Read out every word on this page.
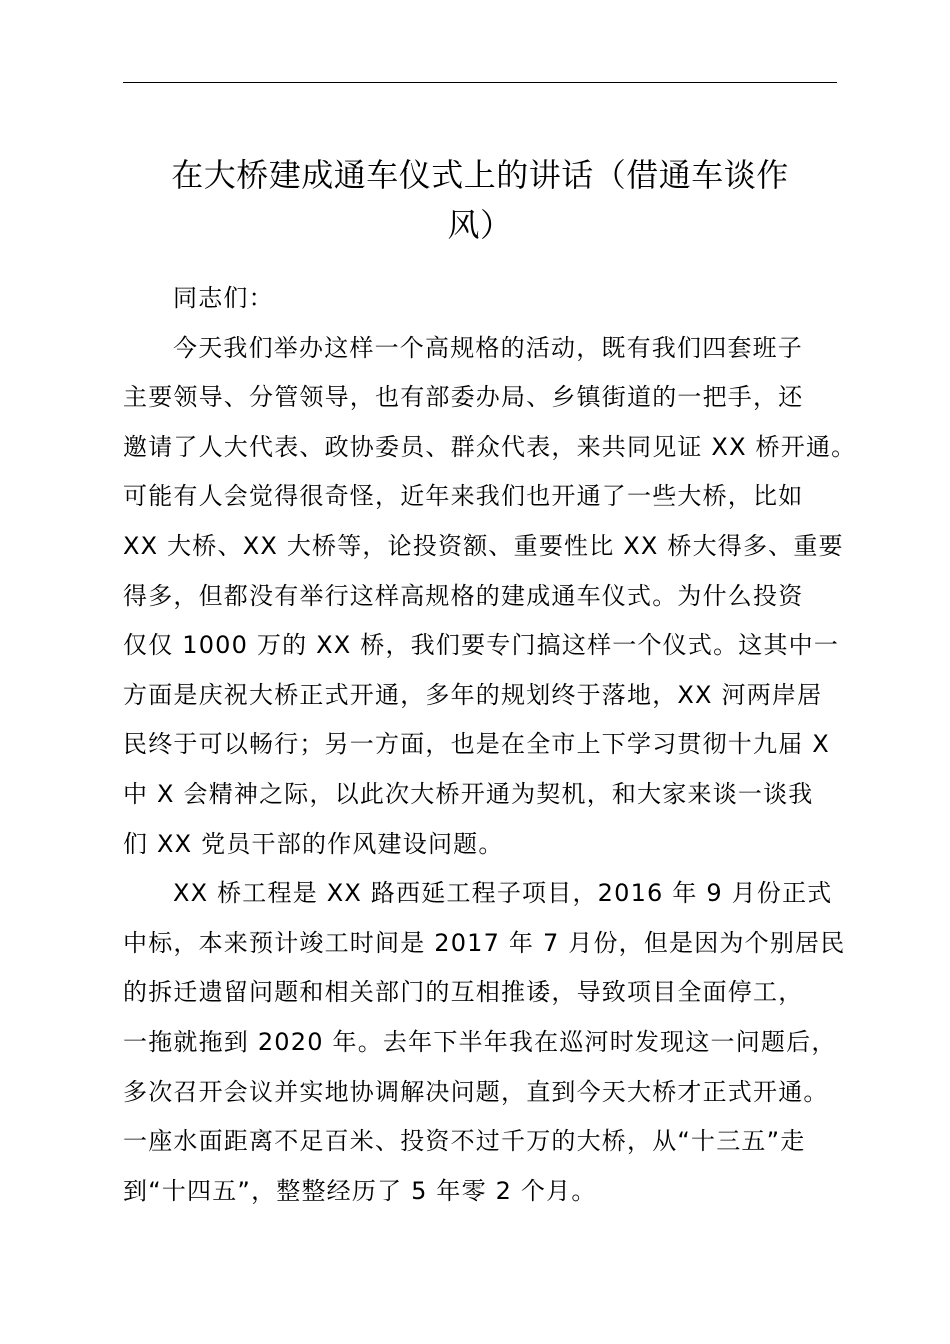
在大桥建成通车仪式上的讲话（借通车谈作
风）

同志们：

今天我们举办这样一个高规格的活动，既有我们四套班子
主要领导、分管领导，也有部委办局、乡镇街道的一把手，还
邀请了人大代表、政协委员、群众代表，来共同见证 XX 桥开通。
可能有人会觉得很奇怪，近年来我们也开通了一些大桥，比如
XX 大桥、XX 大桥等，论投资额、重要性比 XX 桥大得多、重要
得多，但都没有举行这样高规格的建成通车仪式。为什么投资
仅仅 1000 万的 XX 桥，我们要专门搞这样一个仪式。这其中一
方面是庆祝大桥正式开通，多年的规划终于落地，XX 河两岸居
民终于可以畅行；另一方面，也是在全市上下学习贯彻十九届 X
中 X 会精神之际，以此次大桥开通为契机，和大家来谈一谈我
们 XX 党员干部的作风建设问题。

XX 桥工程是 XX 路西延工程子项目，2016 年 9 月份正式
中标，本来预计竣工时间是 2017 年 7 月份，但是因为个别居民
的拆迁遗留问题和相关部门的互相推诿，导致项目全面停工，
一拖就拖到 2020 年。去年下半年我在巡河时发现这一问题后，
多次召开会议并实地协调解决问题，直到今天大桥才正式开通。
一座水面距离不足百米、投资不过千万的大桥，从“十三五”走
到“十四五”，整整经历了 5 年零 2 个月。
